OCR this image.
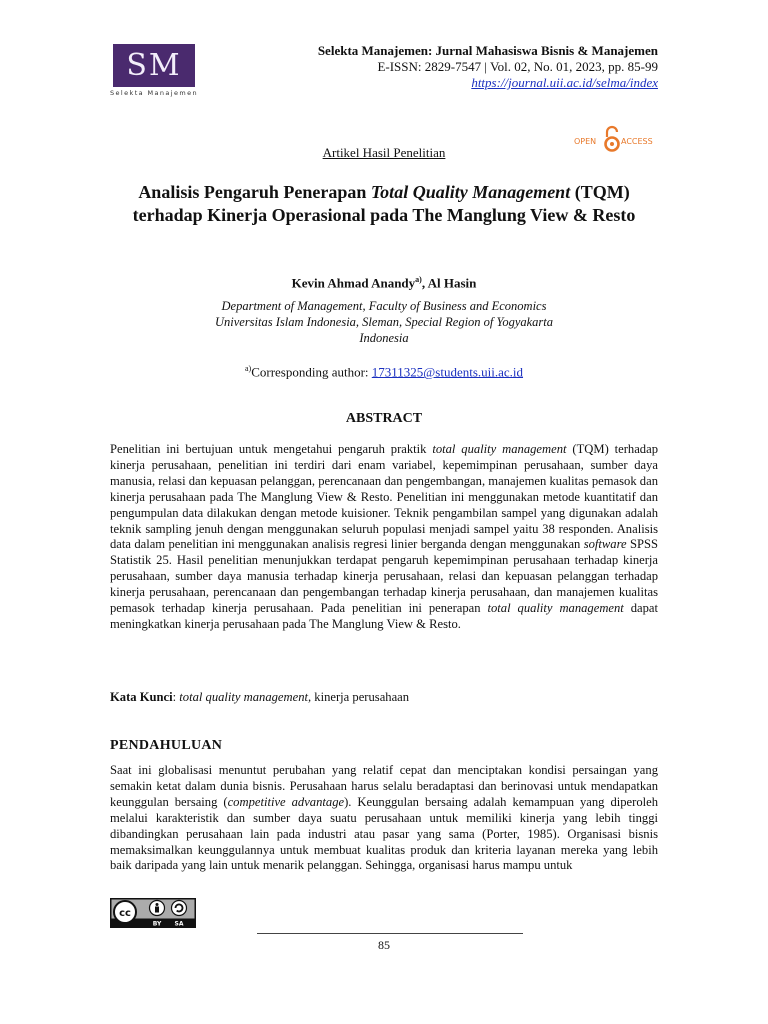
SM
Selekta Manajemen
Selekta Manajemen: Jurnal Mahasiswa Bisnis & Manajemen
E-ISSN: 2829-7547 | Vol. 02, No. 01, 2023, pp. 85-99
https://journal.uii.ac.id/selma/index
OPEN	ACCESS
Artikel Hasil Penelitian
Analisis Pengaruh Penerapan Total Quality Management (TQM) terhadap Kinerja Operasional pada The Manglung View & Resto
Kevin Ahmad Anandy$^{a)}$, Al Hasin
Department of Management, Faculty of Business and Economics
Universitas Islam Indonesia, Sleman, Special Region of Yogyakarta
Indonesia
$^{a)}$Corresponding author: 17311325@students.uii.ac.id
ABSTRACT
Penelitian ini bertujuan untuk mengetahui pengaruh praktik total quality management (TQM) terhadap kinerja perusahaan, penelitian ini terdiri dari enam variabel, kepemimpinan perusahaan, sumber daya manusia, relasi dan kepuasan pelanggan, perencanaan dan pengembangan, manajemen kualitas pemasok dan kinerja perusahaan pada The Manglung View & Resto. Penelitian ini menggunakan metode kuantitatif dan pengumpulan data dilakukan dengan metode kuisioner. Teknik pengambilan sampel yang digunakan adalah teknik sampling jenuh dengan menggunakan seluruh populasi menjadi sampel yaitu 38 responden. Analisis data dalam penelitian ini menggunakan analisis regresi linier berganda dengan menggunakan software SPSS Statistik 25. Hasil penelitian menunjukkan terdapat pengaruh kepemimpinan perusahaan terhadap kinerja perusahaan, sumber daya manusia terhadap kinerja perusahaan, relasi dan kepuasan pelanggan terhadap kinerja perusahaan, perencanaan dan pengembangan terhadap kinerja perusahaan, dan manajemen kualitas pemasok terhadap kinerja perusahaan. Pada penelitian ini penerapan total quality management dapat meningkatkan kinerja perusahaan pada The Manglung View & Resto.
Kata Kunci: total quality management, kinerja perusahaan
PENDAHULUAN
Saat ini globalisasi menuntut perubahan yang relatif cepat dan menciptakan kondisi persaingan yang semakin ketat dalam dunia bisnis. Perusahaan harus selalu beradaptasi dan berinovasi untuk mendapatkan keunggulan bersaing (competitive advantage). Keunggulan bersaing adalah kemampuan yang diperoleh melalui karakteristik dan sumber daya suatu perusahaan untuk memiliki kinerja yang lebih tinggi dibandingkan perusahaan lain pada industri atau pasar yang sama (Porter, 1985). Organisasi bisnis memaksimalkan keunggulannya untuk membuat kualitas produk dan kriteria layanan mereka yang lebih baik daripada yang lain untuk menarik pelanggan. Sehingga, organisasi harus mampu untuk
cc
BY SA
85
